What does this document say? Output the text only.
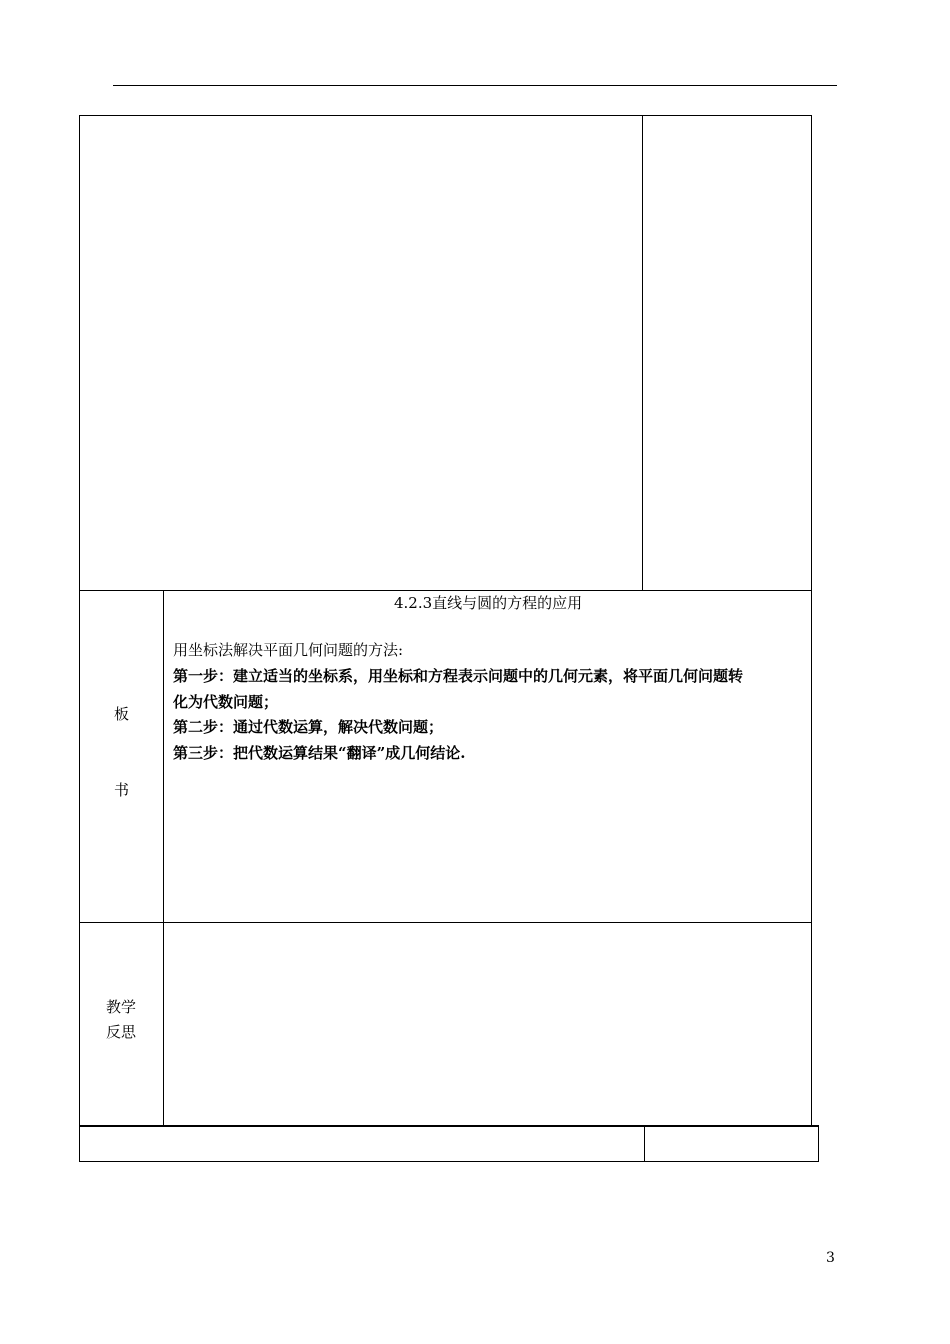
板
书
4.2.3直线与圆的方程的应用
用坐标法解决平面几何问题的方法:
第一步：建立适当的坐标系，用坐标和方程表示问题中的几何元素，将平面几何问题转
化为代数问题；
第二步：通过代数运算，解决代数问题；
第三步：把代数运算结果“翻译”成几何结论.
教学
反思
3
